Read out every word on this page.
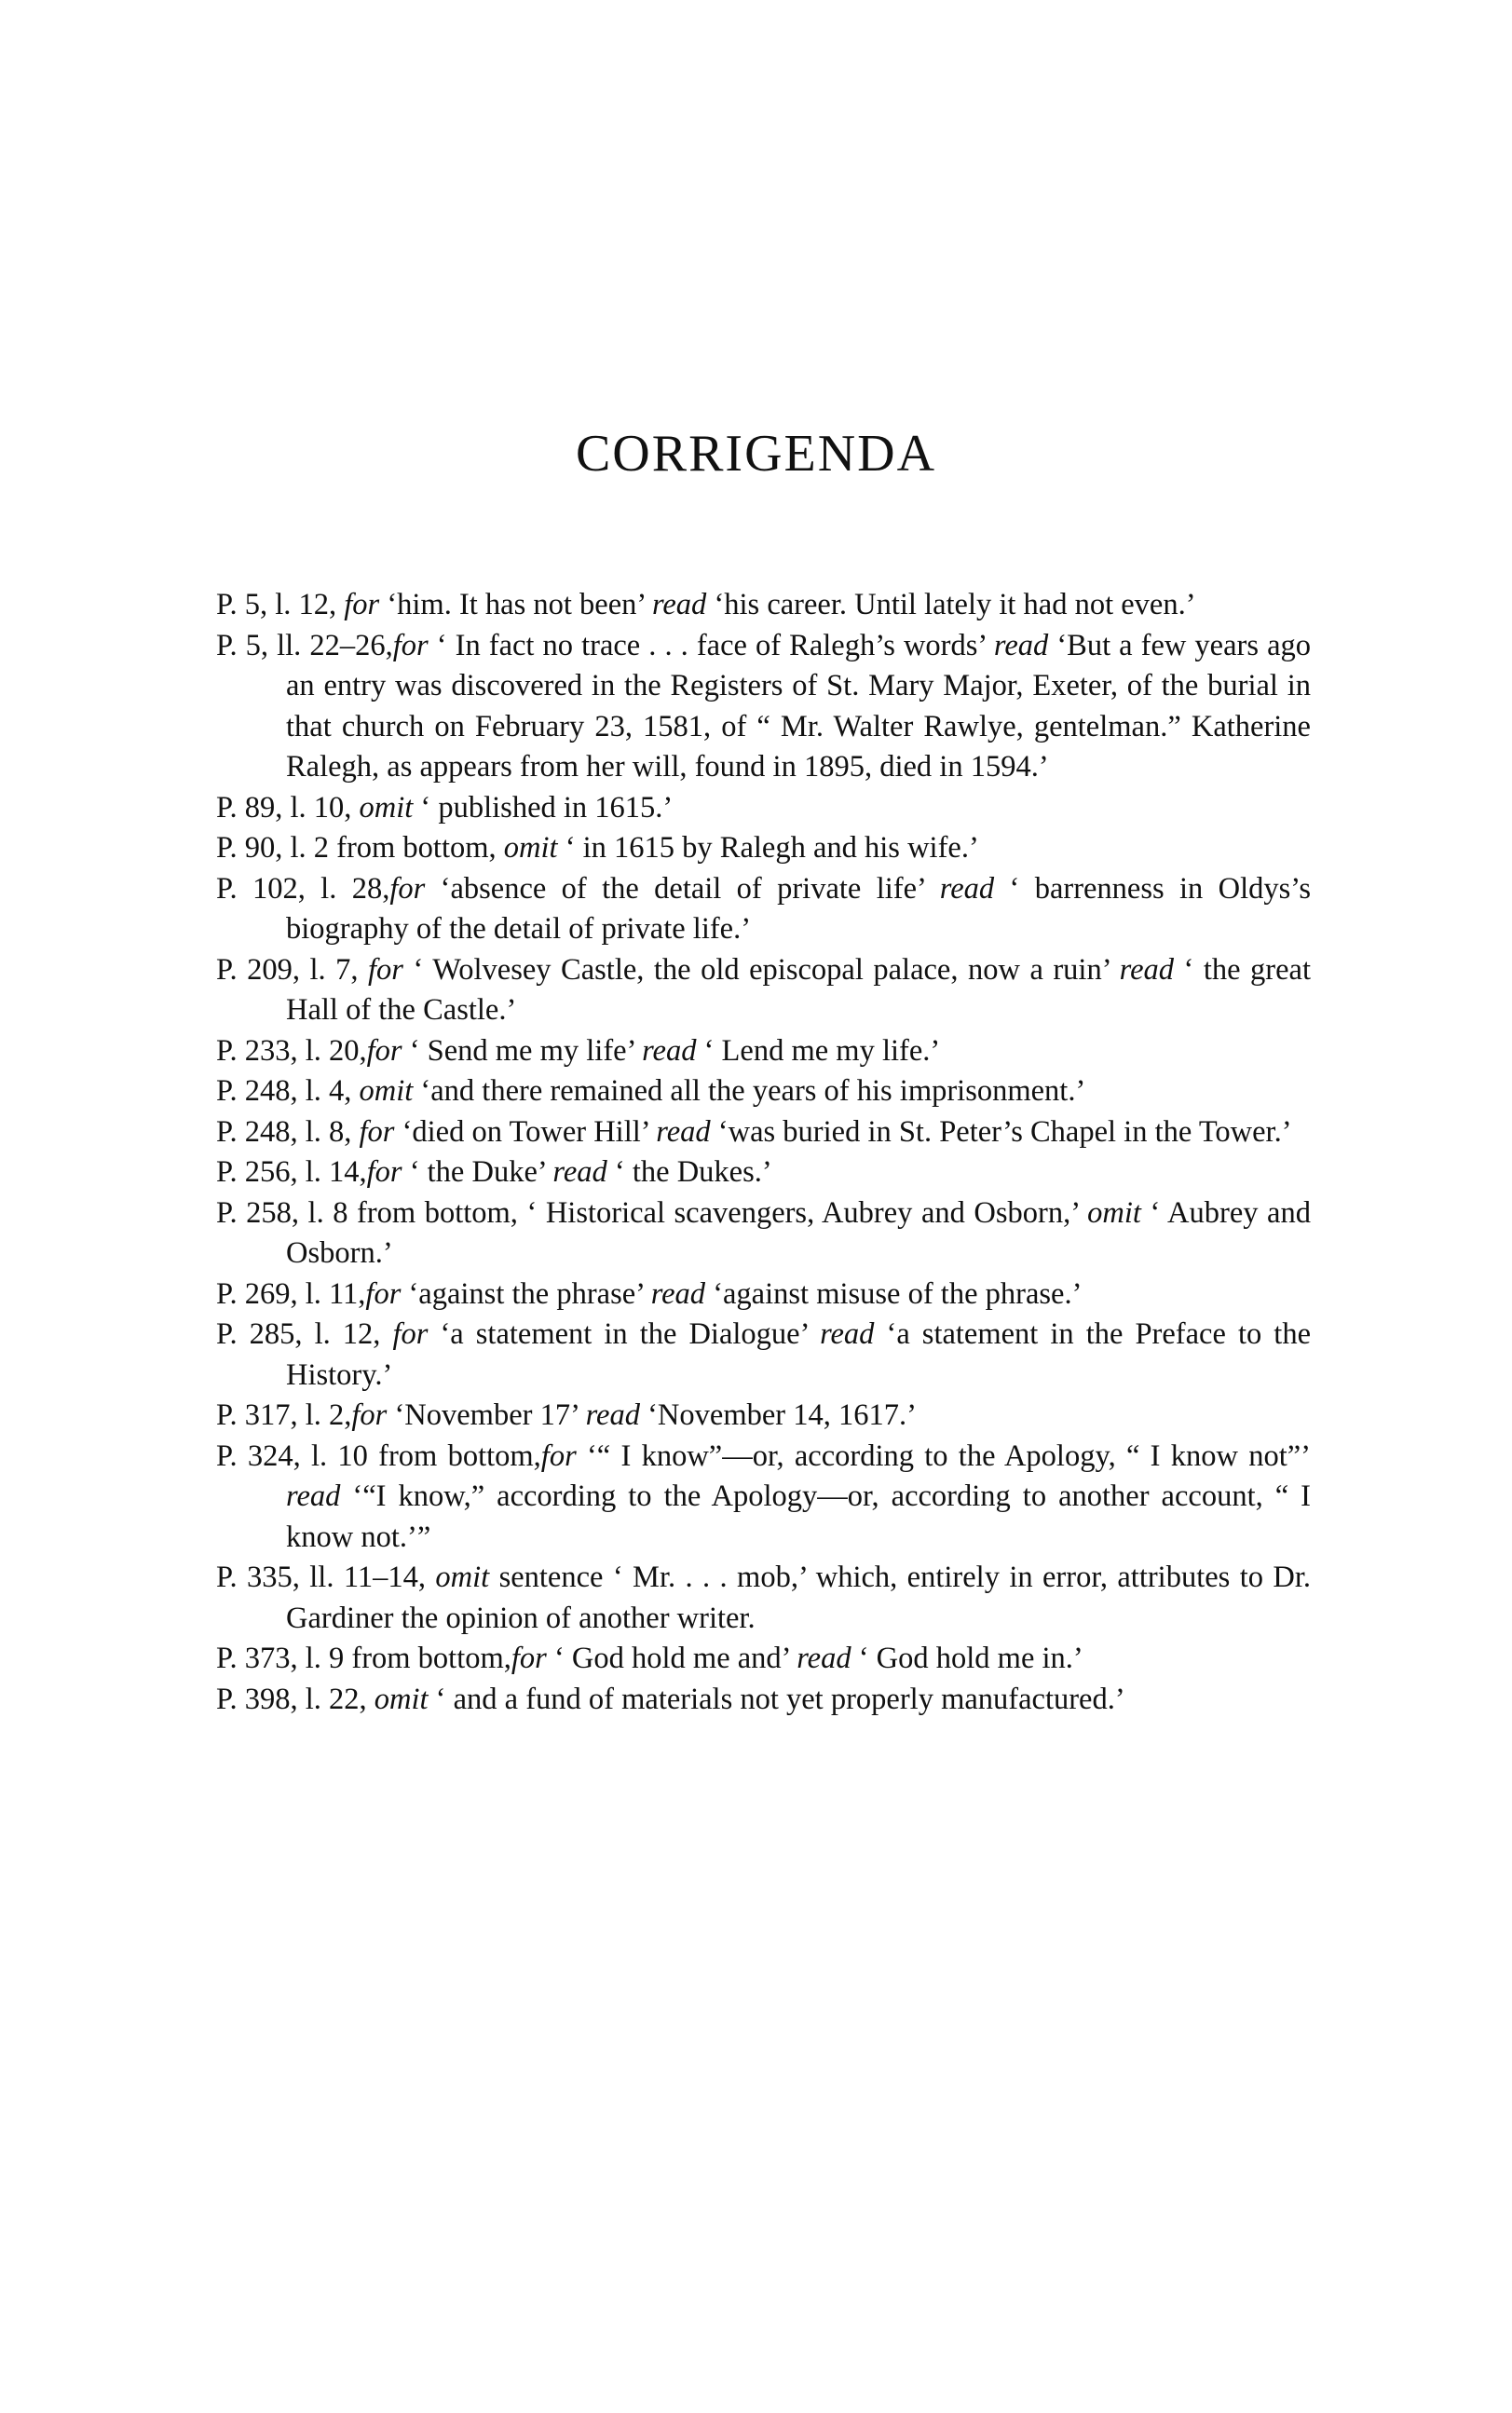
CORRIGENDA

P. 5, l. 12, for ‘him. It has not been’ read ‘his career. Until lately it had not even.’

P. 5, ll. 22–26,for ‘ In fact no trace . . . face of Ralegh’s words’ read ‘But a few years ago an entry was discovered in the Registers of St. Mary Major, Exeter, of the burial in that church on February 23, 1581, of “ Mr. Walter Rawlye, gentelman.” Katherine Ralegh, as appears from her will, found in 1895, died in 1594.’

P. 89, l. 10, omit ‘ published in 1615.’

P. 90, l. 2 from bottom, omit ‘ in 1615 by Ralegh and his wife.’

P. 102, l. 28,for ‘absence of the detail of private life’ read ‘ barrenness in Oldys’s biography of the detail of private life.’

P. 209, l. 7, for ‘ Wolvesey Castle, the old episcopal palace, now a ruin’ read ‘ the great Hall of the Castle.’

P. 233, l. 20,for ‘ Send me my life’ read ‘ Lend me my life.’

P. 248, l. 4, omit ‘and there remained all the years of his imprisonment.’

P. 248, l. 8, for ‘died on Tower Hill’ read ‘was buried in St. Peter’s Chapel in the Tower.’

P. 256, l. 14,for ‘ the Duke’ read ‘ the Dukes.’

P. 258, l. 8 from bottom, ‘ Historical scavengers, Aubrey and Osborn,’ omit ‘ Aubrey and Osborn.’

P. 269, l. 11,for ‘against the phrase’ read ‘against misuse of the phrase.’

P. 285, l. 12, for ‘a statement in the Dialogue’ read ‘a statement in the Preface to the History.’

P. 317, l. 2,for ‘November 17’ read ‘November 14, 1617.’

P. 324, l. 10 from bottom,for ‘“ I know”—or, according to the Apology, “ I know not”’ read ‘“I know,” according to the Apology—or, according to another account, “ I know not.’”

P. 335, ll. 11–14, omit sentence ‘ Mr. . . . mob,’ which, entirely in error, attributes to Dr. Gardiner the opinion of another writer.

P. 373, l. 9 from bottom,for ‘ God hold me and’ read ‘ God hold me in.’

P. 398, l. 22, omit ‘ and a fund of materials not yet properly manufactured.’
